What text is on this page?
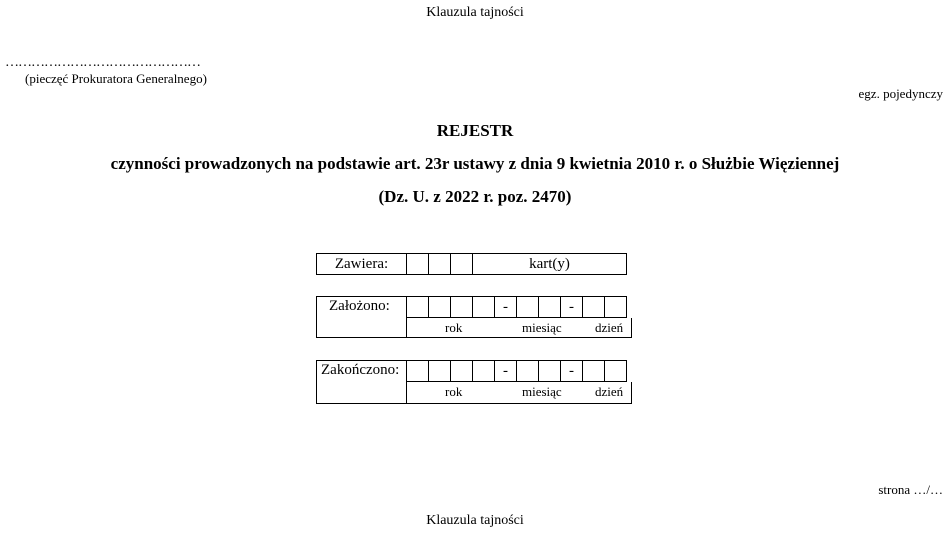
Klauzula tajności
………………………………………
(pieczęć Prokuratora Generalnego)
egz. pojedynczy
REJESTR
czynności prowadzonych na podstawie art. 23r ustawy z dnia 9 kwietnia 2010 r. o Służbie Więziennej
(Dz. U. z 2022 r. poz. 2470)
Zawiera:				kart(y)
Założono:
					-			-		
rok	miesiąc	dzień
Zakończono:
					-			-		
rok	miesiąc	dzień
strona …/…
Klauzula tajności
